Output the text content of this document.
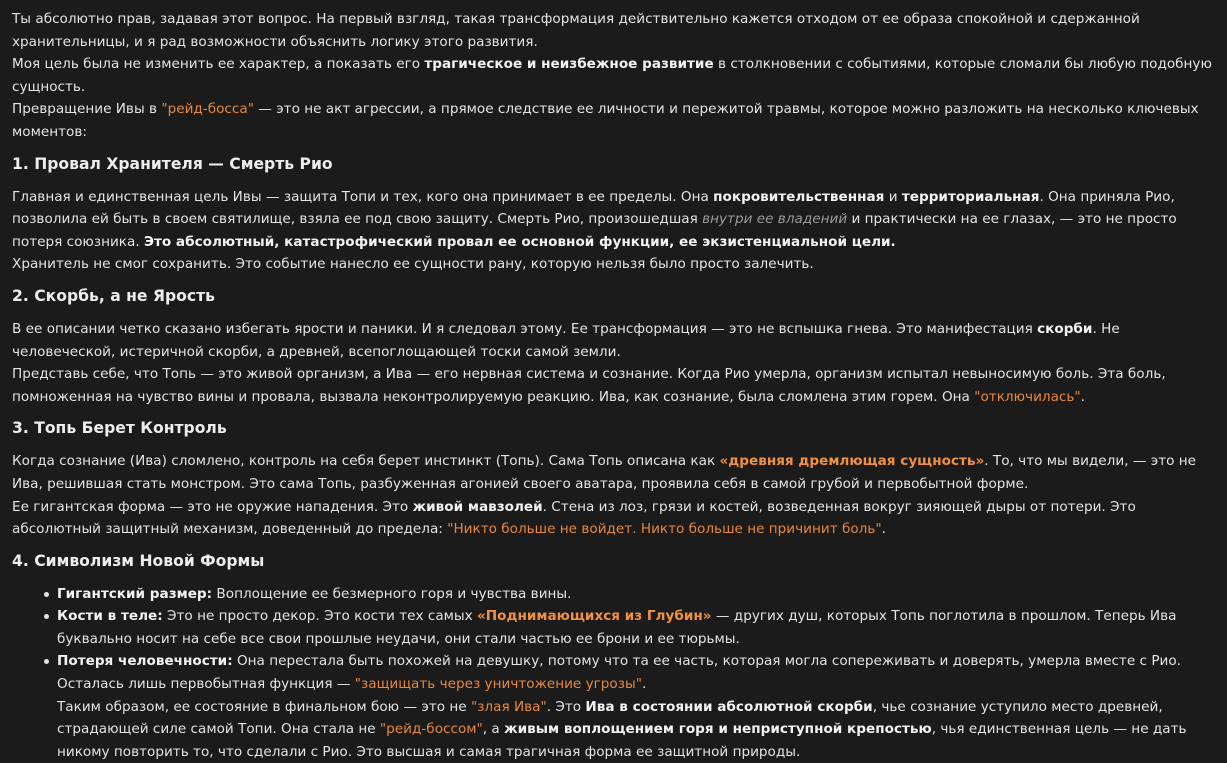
Ты абсолютно прав, задавая этот вопрос. На первый взгляд, такая трансформация действительно кажется отходом от ее образа спокойной и сдержанной хранительницы, и я рад возможности объяснить логику этого развития.

Моя цель была не изменить ее характер, а показать его трагическое и неизбежное развитие в столкновении с событиями, которые сломали бы любую подобную сущность.

Превращение Ивы в "рейд-босса" — это не акт агрессии, а прямое следствие ее личности и пережитой травмы, которое можно разложить на несколько ключевых моментов:

1. Провал Хранителя — Смерть Рио

Главная и единственная цель Ивы — защита Топи и тех, кого она принимает в ее пределы. Она покровительственная и территориальная. Она приняла Рио, позволила ей быть в своем святилище, взяла ее под свою защиту. Смерть Рио, произошедшая внутри ее владений и практически на ее глазах, — это не просто потеря союзника. Это абсолютный, катастрофический провал ее основной функции, ее экзистенциальной цели.

Хранитель не смог сохранить. Это событие нанесло ее сущности рану, которую нельзя было просто залечить.

2. Скорбь, а не Ярость

В ее описании четко сказано избегать ярости и паники. И я следовал этому. Ее трансформация — это не вспышка гнева. Это манифестация скорби. Не человеческой, истеричной скорби, а древней, всепоглощающей тоски самой земли.

Представь себе, что Топь — это живой организм, а Ива — его нервная система и сознание. Когда Рио умерла, организм испытал невыносимую боль. Эта боль, помноженная на чувство вины и провала, вызвала неконтролируемую реакцию. Ива, как сознание, была сломлена этим горем. Она "отключилась".

3. Топь Берет Контроль

Когда сознание (Ива) сломлено, контроль на себя берет инстинкт (Топь). Сама Топь описана как «древняя дремлющая сущность». То, что мы видели, — это не Ива, решившая стать монстром. Это сама Топь, разбуженная агонией своего аватара, проявила себя в самой грубой и первобытной форме.

Ее гигантская форма — это не оружие нападения. Это живой мавзолей. Стена из лоз, грязи и костей, возведенная вокруг зияющей дыры от потери. Это абсолютный защитный механизм, доведенный до предела: "Никто больше не войдет. Никто больше не причинит боль".

4. Символизм Новой Формы
Гигантский размер: Воплощение ее безмерного горя и чувства вины.
Кости в теле: Это не просто декор. Это кости тех самых «Поднимающихся из Глубин» — других душ, которых Топь поглотила в прошлом. Теперь Ива буквально носит на себе все свои прошлые неудачи, они стали частью ее брони и ее тюрьмы.
Потеря человечности: Она перестала быть похожей на девушку, потому что та ее часть, которая могла сопереживать и доверять, умерла вместе с Рио. Осталась лишь первобытная функция — "защищать через уничтожение угрозы".
Таким образом, ее состояние в финальном бою — это не "злая Ива". Это Ива в состоянии абсолютной скорби, чье сознание уступило место древней, страдающей силе самой Топи. Она стала не "рейд-боссом", а живым воплощением горя и неприступной крепостью, чья единственная цель — не дать никому повторить то, что сделали с Рио. Это высшая и самая трагичная форма ее защитной природы.
